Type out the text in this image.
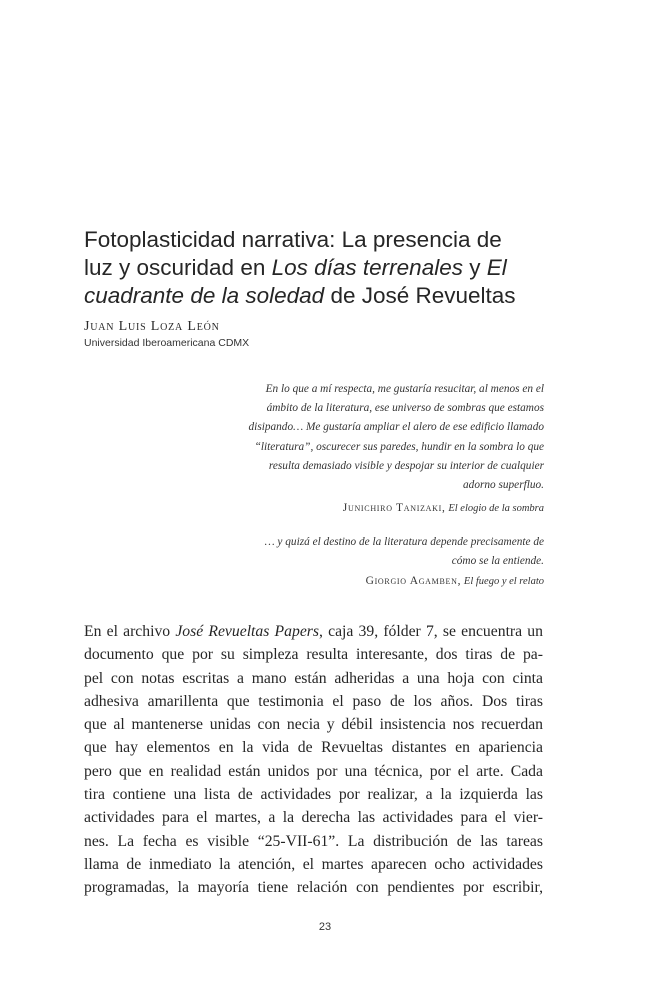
Fotoplasticidad narrativa: La presencia de
luz y oscuridad en Los días terrenales y El
cuadrante de la soledad de José Revueltas
Juan Luis Loza León
Universidad Iberoamericana CDMX
En lo que a mí respecta, me gustaría resucitar, al menos en el
ámbito de la literatura, ese universo de sombras que estamos
disipando… Me gustaría ampliar el alero de ese edificio llamado
“literatura”, oscurecer sus paredes, hundir en la sombra lo que
resulta demasiado visible y despojar su interior de cualquier
adorno superfluo.
Junichiro Tanizaki, El elogio de la sombra
… y quizá el destino de la literatura depende precisamente de
cómo se la entiende.
Giorgio Agamben, El fuego y el relato
En el archivo José Revueltas Papers, caja 39, fólder 7, se encuentra un
documento que por su simpleza resulta interesante, dos tiras de pa-
pel con notas escritas a mano están adheridas a una hoja con cinta
adhesiva amarillenta que testimonia el paso de los años. Dos tiras
que al mantenerse unidas con necia y débil insistencia nos recuerdan
que hay elementos en la vida de Revueltas distantes en apariencia
pero que en realidad están unidos por una técnica, por el arte. Cada
tira contiene una lista de actividades por realizar, a la izquierda las
actividades para el martes, a la derecha las actividades para el vier-
nes. La fecha es visible “25-VII-61”. La distribución de las tareas
llama de inmediato la atención, el martes aparecen ocho actividades
programadas, la mayoría tiene relación con pendientes por escribir,
23
